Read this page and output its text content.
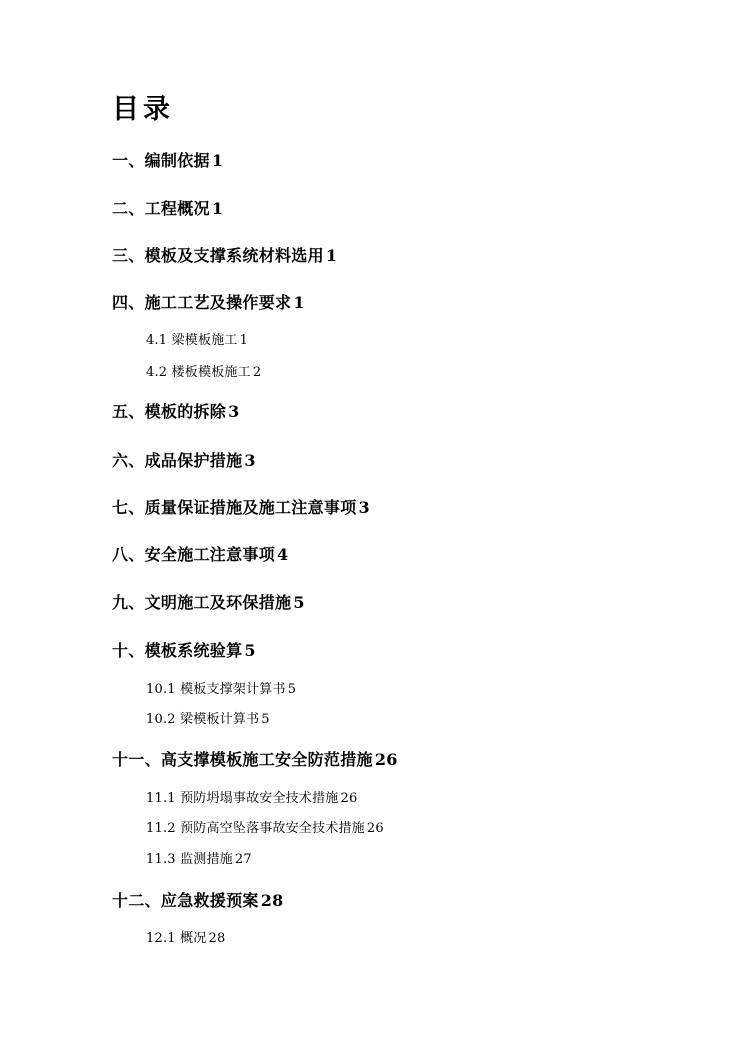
目录
一、编制依据 1
二、工程概况 1
三、模板及支撑系统材料选用 1
四、施工工艺及操作要求 1
4.1 梁模板施工 1
4.2 楼板模板施工 2
五、模板的拆除 3
六、成品保护措施 3
七、质量保证措施及施工注意事项 3
八、安全施工注意事项 4
九、文明施工及环保措施 5
十、模板系统验算 5
10.1 模板支撑架计算书 5
10.2 梁模板计算书 5
十一、高支撑模板施工安全防范措施 26
11.1 预防坍塌事故安全技术措施 26
11.2 预防高空坠落事故安全技术措施 26
11.3 监测措施 27
十二、应急救援预案 28
12.1 概况 28
